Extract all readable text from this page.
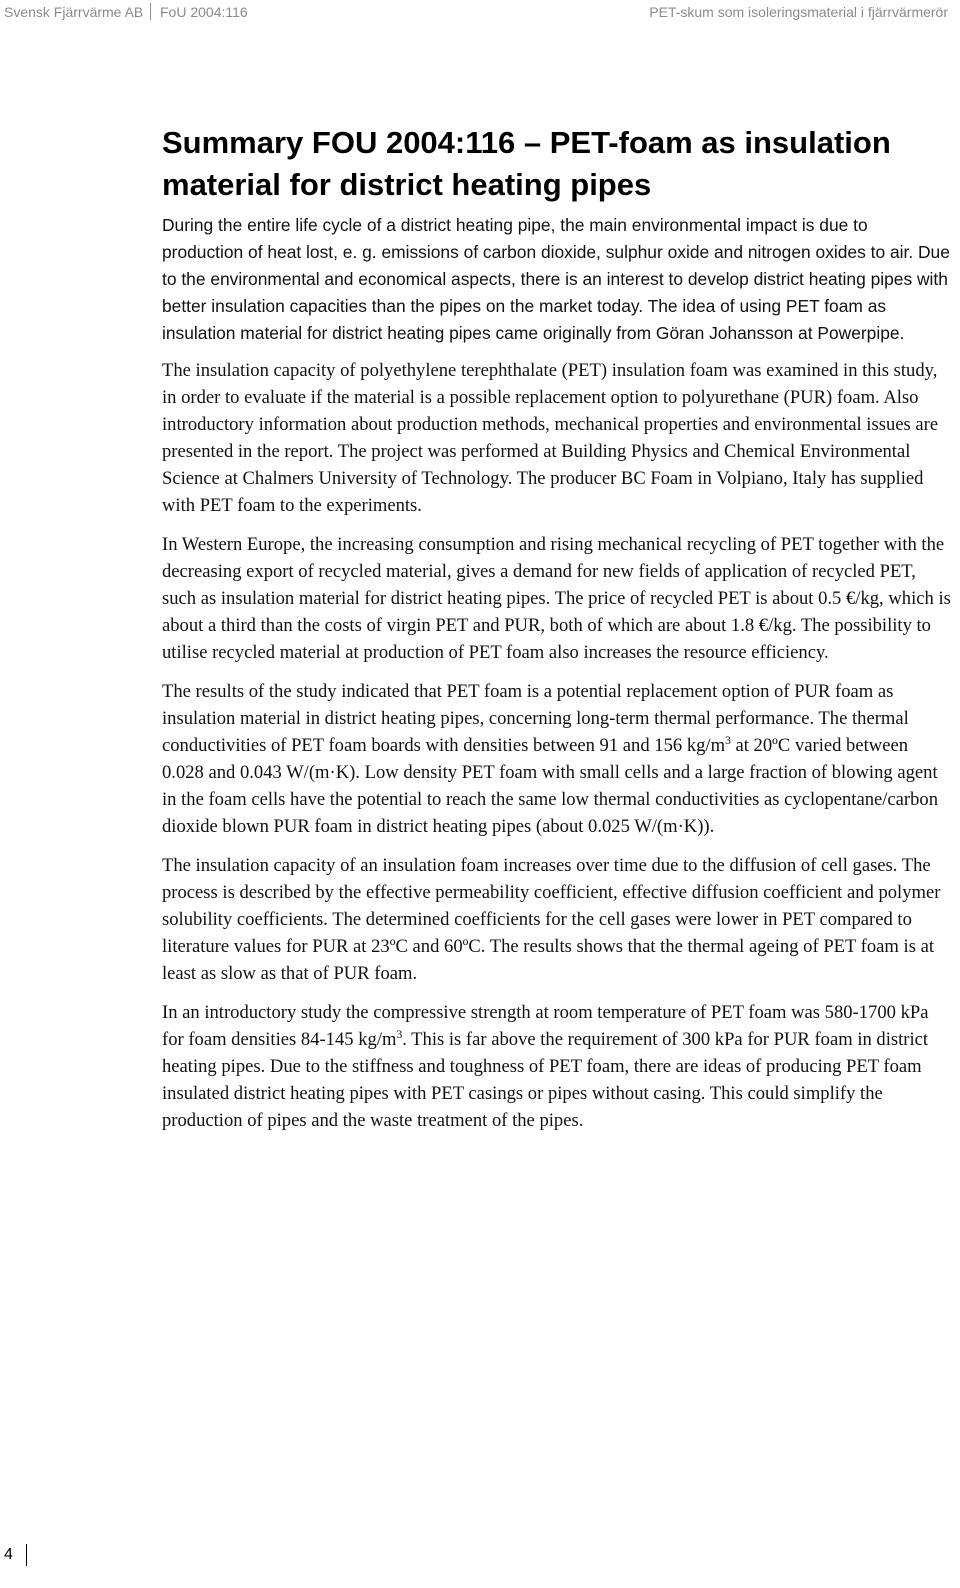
Svensk Fjärrvärme AB FoU 2004:116	PET-skum som isoleringsmaterial i fjärrvärmerör
Summary FOU 2004:116 – PET-foam as insulation
material for district heating pipes

During the entire life cycle of a district heating pipe, the main environmental impact is due to production of heat lost, e. g. emissions of carbon dioxide, sulphur oxide and nitrogen oxides to air. Due to the environmental and economical aspects, there is an interest to develop district heating pipes with better insulation capacities than the pipes on the market today. The idea of using PET foam as insulation material for district heating pipes came originally from Göran Johansson at Powerpipe.

The insulation capacity of polyethylene terephthalate (PET) insulation foam was examined in this study, in order to evaluate if the material is a possible replacement option to polyurethane (PUR) foam. Also introductory information about production methods, mechanical properties and environmental issues are presented in the report. The project was performed at Building Physics and Chemical Environmental Science at Chalmers University of Technology. The producer BC Foam in Volpiano, Italy has supplied with PET foam to the experiments.

In Western Europe, the increasing consumption and rising mechanical recycling of PET together with the decreasing export of recycled material, gives a demand for new fields of application of recycled PET, such as insulation material for district heating pipes. The price of recycled PET is about 0.5 €/kg, which is about a third than the costs of virgin PET and PUR, both of which are about 1.8 €/kg. The possibility to utilise recycled material at production of PET foam also increases the resource efficiency.

The results of the study indicated that PET foam is a potential replacement option of PUR foam as insulation material in district heating pipes, concerning long-term thermal performance. The thermal conductivities of PET foam boards with densities between 91 and 156 $kg/m^3$ at 20ºC varied between 0.028 and 0.043 W/(m·K). Low density PET foam with small cells and a large fraction of blowing agent in the foam cells have the potential to reach the same low thermal conductivities as cyclopentane/carbon dioxide blown PUR foam in district heating pipes (about 0.025 W/(m·K)).

The insulation capacity of an insulation foam increases over time due to the diffusion of cell gases. The process is described by the effective permeability coefficient, effective diffusion coefficient and polymer solubility coefficients. The determined coefficients for the cell gases were lower in PET compared to literature values for PUR at 23ºC and 60ºC. The results shows that the thermal ageing of PET foam is at least as slow as that of PUR foam.

In an introductory study the compressive strength at room temperature of PET foam was 580-1700 kPa for foam densities 84-145 $kg/m^3$. This is far above the requirement of 300 kPa for PUR foam in district heating pipes. Due to the stiffness and toughness of PET foam, there are ideas of producing PET foam insulated district heating pipes with PET casings or pipes without casing. This could simplify the production of pipes and the waste treatment of the pipes.

4
